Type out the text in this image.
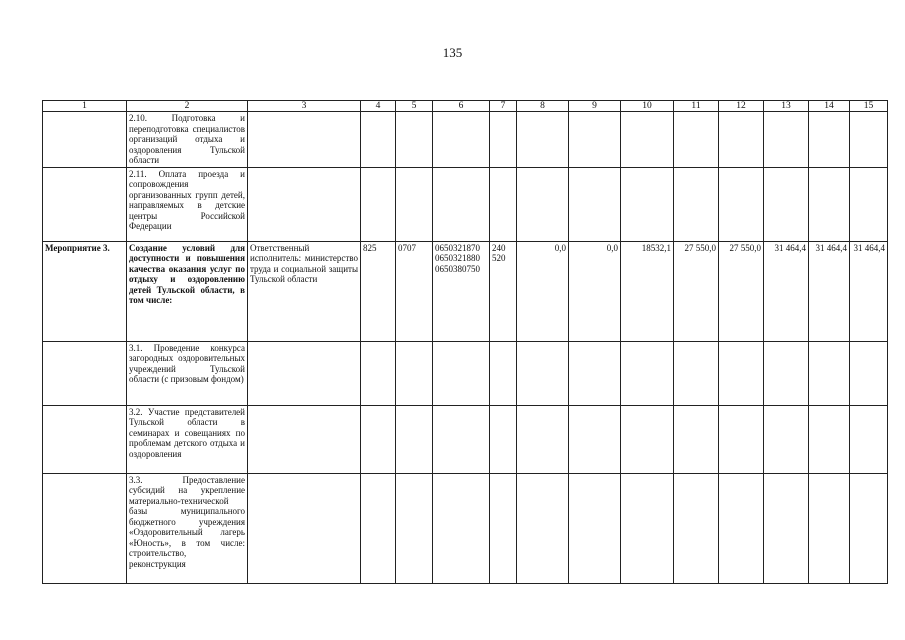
135
1	2	3	4	5	6	7	8	9	10	11	12	13	14	15
	2.10. Подготовка и переподготовка специалистов организаций отдыха и оздоровления Тульской области													
	2.11. Оплата проезда и сопровождения организованных групп детей, направляемых в детские центры Российской Федерации													
Мероприятие 3.	Создание условий для доступности и повышения качества оказания услуг по отдыху и оздоровлению детей Тульской области, в том числе:	Ответственный исполнитель: министерство труда и социальной защиты Тульской области	825	0707	0650321870 0650321880 0650380750	240 520	0,0	0,0	18532,1	27 550,0	27 550,0	31 464,4	31 464,4	31 464,4
	3.1. Проведение конкурса загородных оздоровительных учреждений Тульской области (с призовым фондом)													
	3.2. Участие представителей Тульской области в семинарах и совещаниях по проблемам детского отдыха и оздоровления													
	3.3. Предоставление субсидий на укрепление материально-технической базы муниципального бюджетного учреждения «Оздоровительный лагерь «Юность», в том числе: строительство, реконструкция													
